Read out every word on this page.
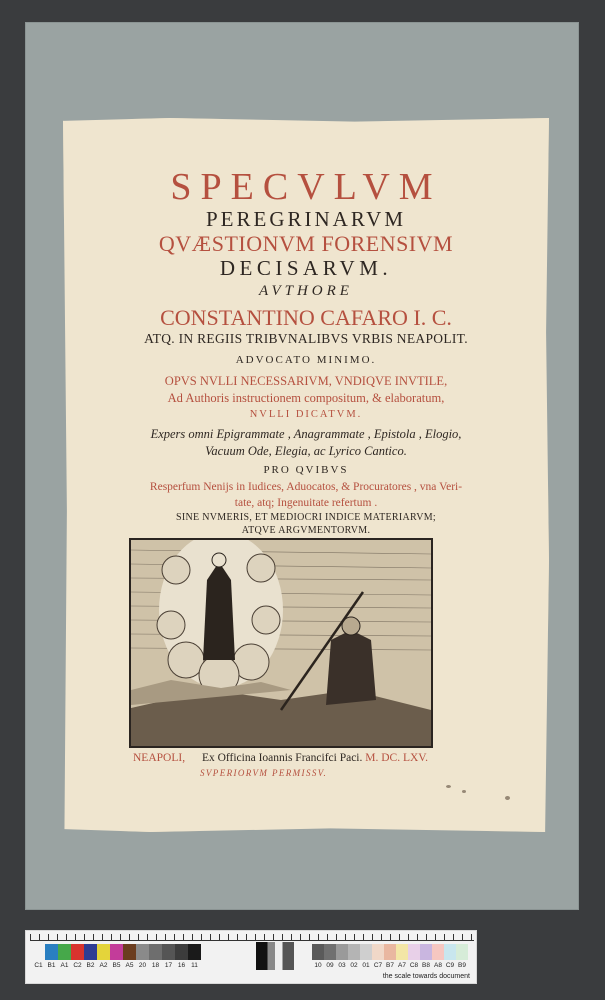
SPECVLVM

PEREGRINARVM

QVÆSTIONVM FORENSIVM

DECISARVM.

AVTHORE

CONSTANTINO CAFARO I. C.

ATQ. IN REGIIS TRIBVNALIBVS VRBIS NEAPOLIT.

ADVOCATO MINIMO.

OPVS NVLLI NECESSARIVM, VNDIQVE INVTILE,

Ad Authoris instructionem compositum, & elaboratum,

NVLLI DICATVM.

Expers omni Epigrammate , Anagrammate , Epistola , Elogio,

Vacuum Ode, Elegia, ac Lyrico Cantico.

PRO QVIBVS

Resperfum Nenijs in Iudices, Aduocatos, & Procuratores , vna Veri-

tate, atq; Ingenuitate refertum .

SINE NVMERIS, ET MEDIOCRI INDICE MATERIARVM;

ATQVE ARGVMENTORVM.

NEAPOLI, Ex Officina Ioannis Francifci Paci. M. DC. LXV.

SVPERIORVM PERMISSV.

C1 B1 A1 C2 B2 A2 B5 A5 20 18 17 16 11	10 09 03 02 01 C7 B7 A7 C8 B8 A8 C9 B9

the scale towards document
